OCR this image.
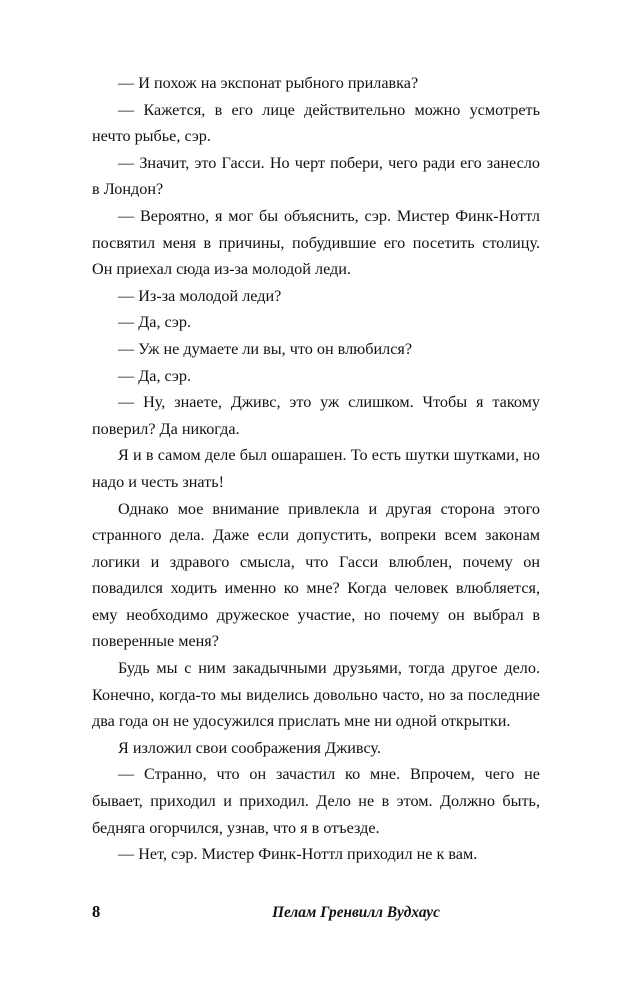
— И похож на экспонат рыбного прилавка?

— Кажется, в его лице действительно можно усмотреть нечто рыбье, сэр.

— Значит, это Гасси. Но черт побери, чего ради его занесло в Лондон?

— Вероятно, я мог бы объяснить, сэр. Мистер Финк-Ноттл посвятил меня в причины, побудившие его посетить столицу. Он приехал сюда из-за молодой леди.

— Из-за молодой леди?

— Да, сэр.

— Уж не думаете ли вы, что он влюбился?

— Да, сэр.

— Ну, знаете, Дживс, это уж слишком. Чтобы я такому поверил? Да никогда.

Я и в самом деле был ошарашен. То есть шутки шутками, но надо и честь знать!

Однако мое внимание привлекла и другая сторона этого странного дела. Даже если допустить, вопреки всем законам логики и здравого смысла, что Гасси влюблен, почему он повадился ходить именно ко мне? Когда человек влюбляется, ему необходимо дружеское участие, но почему он выбрал в поверенные меня?

Будь мы с ним закадычными друзьями, тогда другое дело. Конечно, когда-то мы виделись довольно часто, но за последние два года он не удосужился прислать мне ни одной открытки.

Я изложил свои соображения Дживсу.

— Странно, что он зачастил ко мне. Впрочем, чего не бывает, приходил и приходил. Дело не в этом. Должно быть, бедняга огорчился, узнав, что я в отъезде.

— Нет, сэр. Мистер Финк-Ноттл приходил не к вам.

8	Пелам Гренвилл Вудхаус
